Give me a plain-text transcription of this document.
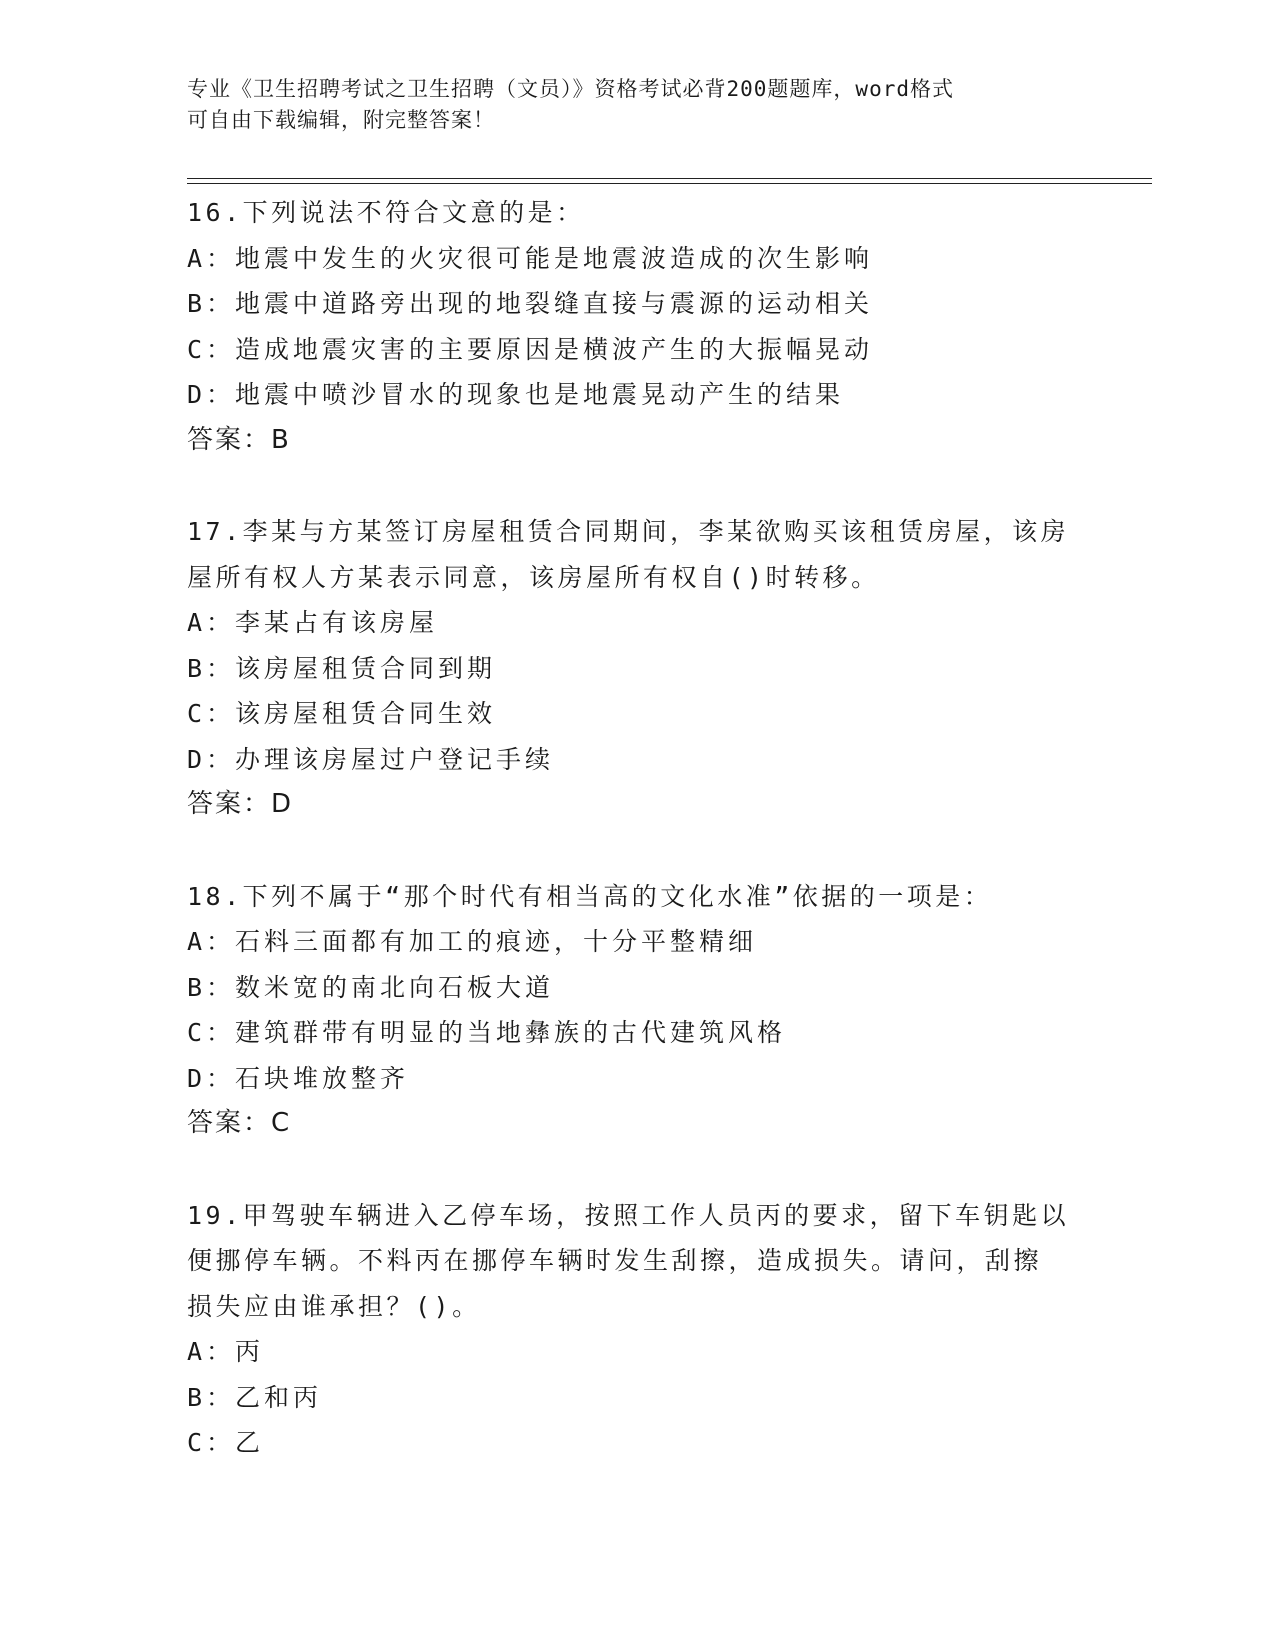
专业《卫生招聘考试之卫生招聘（文员）》资格考试必背200题题库，word格式

可自由下载编辑，附完整答案！

16.下列说法不符合文意的是：

A：地震中发生的火灾很可能是地震波造成的次生影响

B：地震中道路旁出现的地裂缝直接与震源的运动相关

C：造成地震灾害的主要原因是横波产生的大振幅晃动

D：地震中喷沙冒水的现象也是地震晃动产生的结果

答案：B

17.李某与方某签订房屋租赁合同期间，李某欲购买该租赁房屋，该房

屋所有权人方某表示同意，该房屋所有权自()时转移。

A：李某占有该房屋

B：该房屋租赁合同到期

C：该房屋租赁合同生效

D：办理该房屋过户登记手续

答案：D

18.下列不属于“那个时代有相当高的文化水准”依据的一项是：

A：石料三面都有加工的痕迹，十分平整精细

B：数米宽的南北向石板大道

C：建筑群带有明显的当地彝族的古代建筑风格

D：石块堆放整齐

答案：C

19.甲驾驶车辆进入乙停车场，按照工作人员丙的要求，留下车钥匙以

便挪停车辆。不料丙在挪停车辆时发生刮擦，造成损失。请问，刮擦

损失应由谁承担？()。

A：丙

B：乙和丙

C：乙
